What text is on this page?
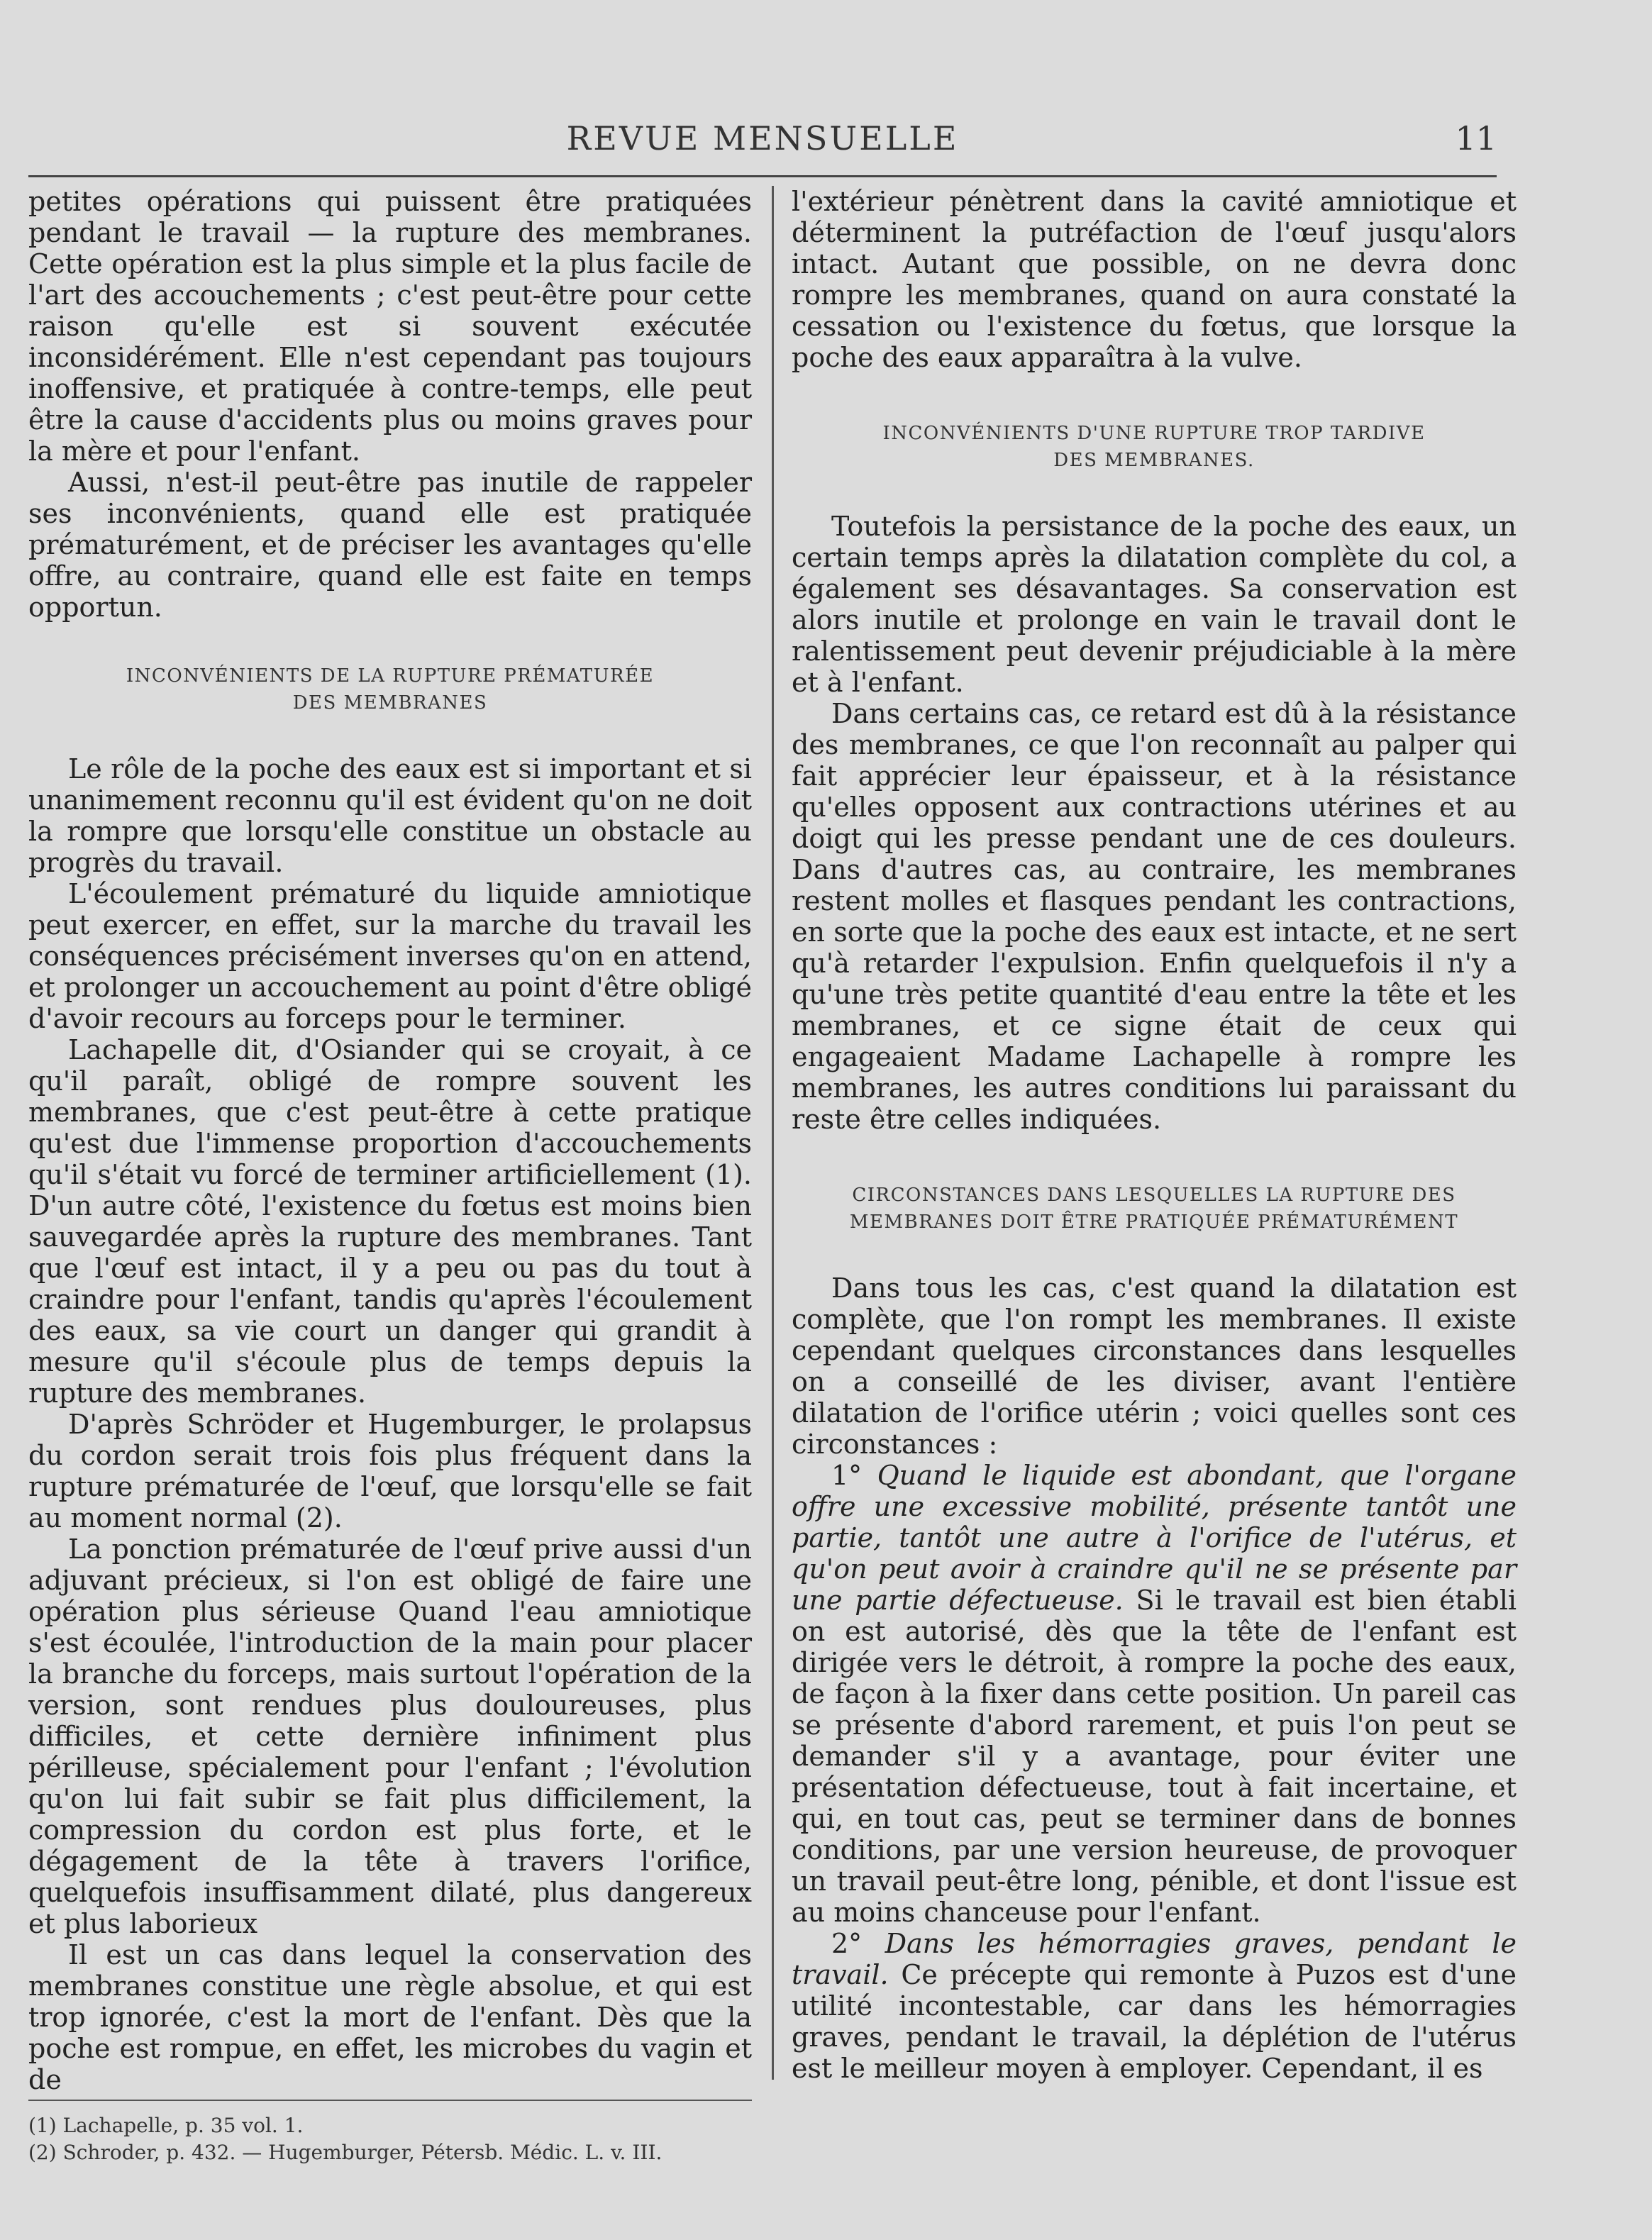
REVUE MENSUELLE	11

petites opérations qui puissent être pratiquées pendant le travail — la rupture des membranes. Cette opération est la plus simple et la plus facile de l'art des accouchements ; c'est peut-être pour cette raison qu'elle est si souvent exécutée inconsidérément. Elle n'est cependant pas toujours inoffensive, et pratiquée à contre-temps, elle peut être la cause d'accidents plus ou moins graves pour la mère et pour l'enfant.

Aussi, n'est-il peut-être pas inutile de rappeler ses inconvénients, quand elle est pratiquée prématurément, et de préciser les avantages qu'elle offre, au contraire, quand elle est faite en temps opportun.

INCONVÉNIENTS DE LA RUPTURE PRÉMATURÉE
DES MEMBRANES

Le rôle de la poche des eaux est si important et si unanimement reconnu qu'il est évident qu'on ne doit la rompre que lorsqu'elle constitue un obstacle au progrès du travail.

L'écoulement prématuré du liquide amniotique peut exercer, en effet, sur la marche du travail les conséquences précisément inverses qu'on en attend, et prolonger un accouchement au point d'être obligé d'avoir recours au forceps pour le terminer.

Lachapelle dit, d'Osiander qui se croyait, à ce qu'il paraît, obligé de rompre souvent les membranes, que c'est peut-être à cette pratique qu'est due l'immense proportion d'accouchements qu'il s'était vu forcé de terminer artificiellement (1). D'un autre côté, l'existence du fœtus est moins bien sauvegardée après la rupture des membranes. Tant que l'œuf est intact, il y a peu ou pas du tout à craindre pour l'enfant, tandis qu'après l'écoulement des eaux, sa vie court un danger qui grandit à mesure qu'il s'écoule plus de temps depuis la rupture des membranes.

D'après Schröder et Hugemburger, le prolapsus du cordon serait trois fois plus fréquent dans la rupture prématurée de l'œuf, que lorsqu'elle se fait au moment normal (2).

La ponction prématurée de l'œuf prive aussi d'un adjuvant précieux, si l'on est obligé de faire une opération plus sérieuse Quand l'eau amniotique s'est écoulée, l'introduction de la main pour placer la branche du forceps, mais surtout l'opération de la version, sont rendues plus douloureuses, plus difficiles, et cette dernière infiniment plus périlleuse, spécialement pour l'enfant ; l'évolution qu'on lui fait subir se fait plus difficilement, la compression du cordon est plus forte, et le dégagement de la tête à travers l'orifice, quelquefois insuffisamment dilaté, plus dangereux et plus laborieux

Il est un cas dans lequel la conservation des membranes constitue une règle absolue, et qui est trop ignorée, c'est la mort de l'enfant. Dès que la poche est rompue, en effet, les microbes du vagin et de

l'extérieur pénètrent dans la cavité amniotique et déterminent la putréfaction de l'œuf jusqu'alors intact. Autant que possible, on ne devra donc rompre les membranes, quand on aura constaté la cessation ou l'existence du fœtus, que lorsque la poche des eaux apparaîtra à la vulve.

INCONVÉNIENTS D'UNE RUPTURE TROP TARDIVE
DES MEMBRANES.

Toutefois la persistance de la poche des eaux, un certain temps après la dilatation complète du col, a également ses désavantages. Sa conservation est alors inutile et prolonge en vain le travail dont le ralentissement peut devenir préjudiciable à la mère et à l'enfant.

Dans certains cas, ce retard est dû à la résistance des membranes, ce que l'on reconnaît au palper qui fait apprécier leur épaisseur, et à la résistance qu'elles opposent aux contractions utérines et au doigt qui les presse pendant une de ces douleurs. Dans d'autres cas, au contraire, les membranes restent molles et flasques pendant les contractions, en sorte que la poche des eaux est intacte, et ne sert qu'à retarder l'expulsion. Enfin quelquefois il n'y a qu'une très petite quantité d'eau entre la tête et les membranes, et ce signe était de ceux qui engageaient Madame Lachapelle à rompre les membranes, les autres conditions lui paraissant du reste être celles indiquées.

CIRCONSTANCES DANS LESQUELLES LA RUPTURE DES
MEMBRANES DOIT ÊTRE PRATIQUÉE PRÉMATURÉMENT

Dans tous les cas, c'est quand la dilatation est complète, que l'on rompt les membranes. Il existe cependant quelques circonstances dans lesquelles on a conseillé de les diviser, avant l'entière dilatation de l'orifice utérin ; voici quelles sont ces circonstances :

1° Quand le liquide est abondant, que l'organe offre une excessive mobilité, présente tantôt une partie, tantôt une autre à l'orifice de l'utérus, et qu'on peut avoir à craindre qu'il ne se présente par une partie défectueuse. Si le travail est bien établi on est autorisé, dès que la tête de l'enfant est dirigée vers le détroit, à rompre la poche des eaux, de façon à la fixer dans cette position. Un pareil cas se présente d'abord rarement, et puis l'on peut se demander s'il y a avantage, pour éviter une présentation défectueuse, tout à fait incertaine, et qui, en tout cas, peut se terminer dans de bonnes conditions, par une version heureuse, de provoquer un travail peut-être long, pénible, et dont l'issue est au moins chanceuse pour l'enfant.

2° Dans les hémorragies graves, pendant le travail. Ce précepte qui remonte à Puzos est d'une utilité incontestable, car dans les hémorragies graves, pendant le travail, la déplétion de l'utérus est le meilleur moyen à employer. Cependant, il es

(1) Lachapelle, p. 35 vol. 1.
(2) Schroder, p. 432. — Hugemburger, Pétersb. Médic. L. v. III.
